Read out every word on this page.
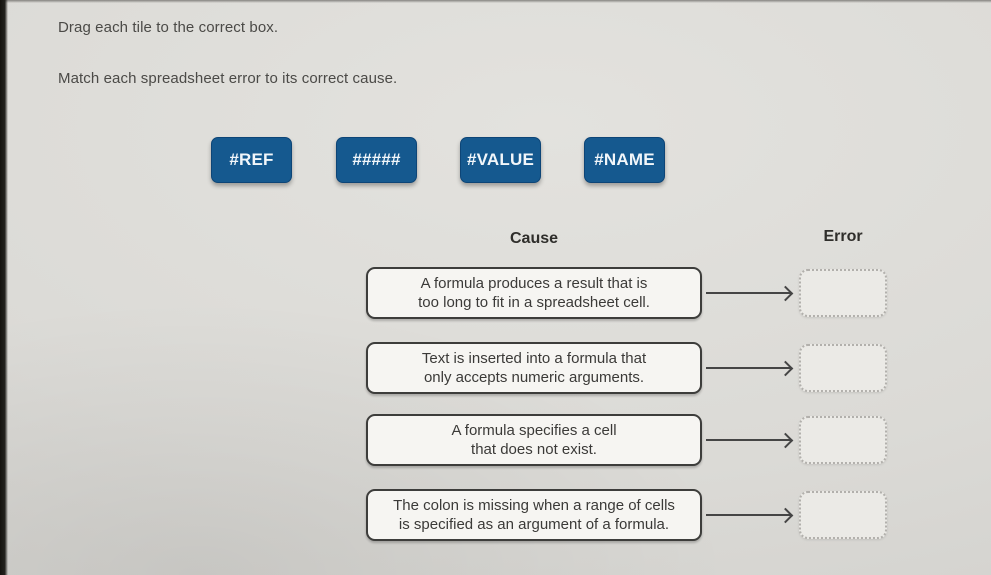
Drag each tile to the correct box.
Match each spreadsheet error to its correct cause.
#REF	#####	#VALUE	#NAME
Cause	Error
A formula produces a result that is
too long to fit in a spreadsheet cell.
Text is inserted into a formula that
only accepts numeric arguments.
A formula specifies a cell
that does not exist.
The colon is missing when a range of cells
is specified as an argument of a formula.
